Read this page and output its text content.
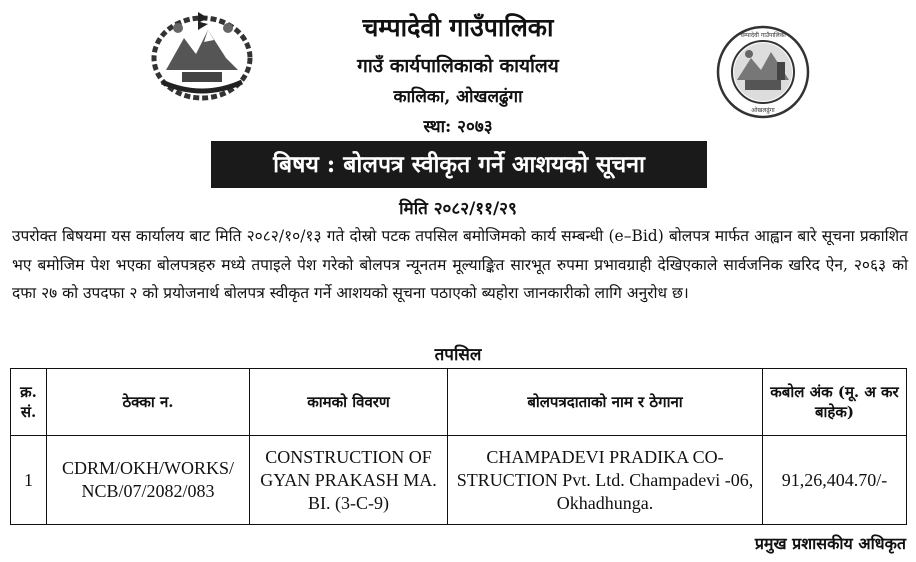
चम्पादेवी गाउँपालिका
ओखलढुंगा
चम्पादेवी गाउँपालिका
गाउँ कार्यपालिकाको कार्यालय
कालिका, ओखलढुंगा
स्था: २०७३
बिषय : बोलपत्र स्वीकृत गर्ने आशयको सूचना
मिति २०८२/११/२९
उपरोक्त बिषयमा यस कार्यालय बाट मिति २०८२/१०/१३ गते दोस्रो पटक तपसिल बमोजिमको कार्य सम्बन्धी (e–Bid) बोलपत्र मार्फत आह्वान बारे सूचना प्रकाशित भए बमोजिम पेश भएका बोलपत्रहरु मध्ये तपाइले पेश गरेको बोलपत्र न्यूनतम मूल्याङ्कित सारभूत रुपमा प्रभावग्राही देखिएकाले सार्वजनिक खरिद ऐन, २०६३ को दफा २७ को उपदफा २ को प्रयोजनार्थ बोलपत्र स्वीकृत गर्ने आशयको सूचना पठाएको ब्यहोरा जानकारीको लागि अनुरोध छ।
तपसिल
क्र. सं.	ठेक्का न.	कामको विवरण	बोलपत्रदाताको नाम र ठेगाना	कबोल अंक (मू. अ कर बाहेक)
1	CDRM/OKH/WORKS/ NCB/07/2082/083	CONSTRUCTION OF GYAN PRAKASH MA. BI. (3-C-9)	CHAMPADEVI PRADIKA CO- STRUCTION Pvt. Ltd. Champadevi -06, Okhadhunga.	91,26,404.70/-
प्रमुख प्रशासकीय अधिकृत
